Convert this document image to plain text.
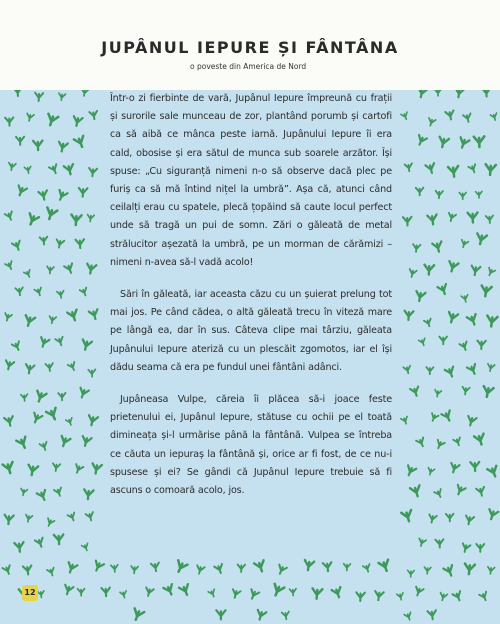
JUPÂNUL IEPURE ȘI FÂNTÂNA
o poveste din America de Nord

Într-o zi fierbinte de vară, Jupânul Iepure împreună cu frații și surorile sale munceau de zor, plantând porumb și cartofi ca să aibă ce mânca peste iarnă. Jupânului Iepure îi era cald, obosise și era sătul de munca sub soarele arzător. Își spuse: „Cu siguranță nimeni n-o să observe dacă plec pe furiș ca să mă întind nițel la umbră”. Așa că, atunci când ceilalți erau cu spatele, plecă țopăind să caute locul perfect unde să tragă un pui de somn. Zări o găleată de metal strălucitor așezată la umbră, pe un morman de cărămizi – nimeni n-avea să-l vadă acolo!

Sări în găleată, iar aceasta căzu cu un șuierat prelung tot mai jos. Pe când cădea, o altă găleată trecu în viteză mare pe lângă ea, dar în sus. Câteva clipe mai târziu, găleata Jupânului Iepure ateriză cu un plescăit zgomotos, iar el își dădu seama că era pe fundul unei fântâni adânci.

Jupâneasa Vulpe, căreia îi plăcea să-i joace feste prietenului ei, Jupânul Iepure, stătuse cu ochii pe el toată dimineața și-l urmărise până la fântână. Vulpea se întreba ce căuta un iepuraș la fântână și, orice ar fi fost, de ce nu-i spusese și ei? Se gândi că Jupânul Iepure trebuie să fi ascuns o comoară acolo, jos.

12
